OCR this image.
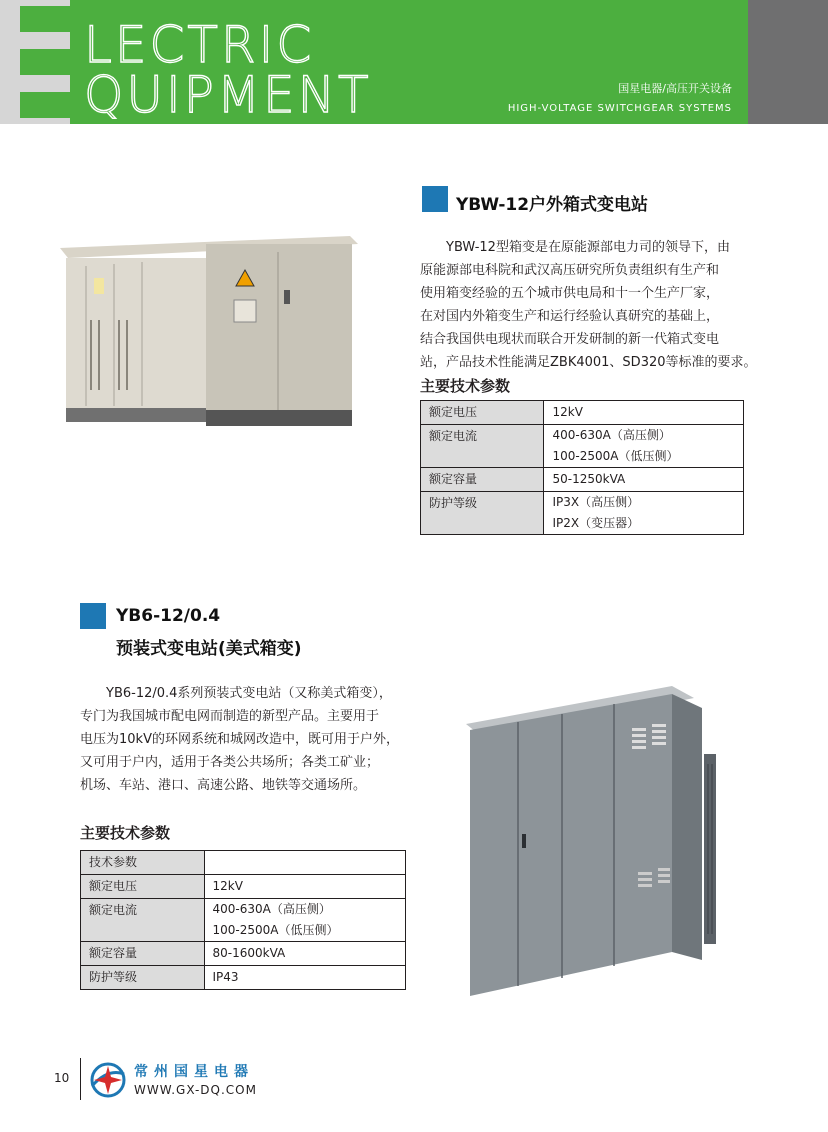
LECTRIC
QUIPMENT	国星电器/高压开关设备
HIGH-VOLTAGE SWITCHGEAR SYSTEMS
YBW-12户外箱式变电站

　　YBW-12型箱变是在原能源部电力司的领导下，由

原能源部电科院和武汉高压研究所负责组织有生产和

使用箱变经验的五个城市供电局和十一个生产厂家，

在对国内外箱变生产和运行经验认真研究的基础上，

结合我国供电现状而联合开发研制的新一代箱式变电

站，产品技术性能满足ZBK4001、SD320等标准的要求。

主要技术参数
额定电压	12kV

额定电流	400-630A（高压侧）
100-2500A（低压侧）

额定容量	50-1250kVA

防护等级	IP3X（高压侧）
IP2X（变压器）
YB6-12/0.4
预装式变电站(美式箱变)

　　YB6-12/0.4系列预装式变电站（又称美式箱变），

专门为我国城市配电网而制造的新型产品。主要用于

电压为10kV的环网系统和城网改造中，既可用于户外，

又可用于户内，适用于各类公共场所；各类工矿业；

机场、车站、港口、高速公路、地铁等交通场所。

主要技术参数
技术参数	

额定电压	12kV

额定电流	400-630A（高压侧）
100-2500A（低压侧）

额定容量	80-1600kVA

防护等级	IP43
10	常州国星电器
WWW.GX-DQ.COM
